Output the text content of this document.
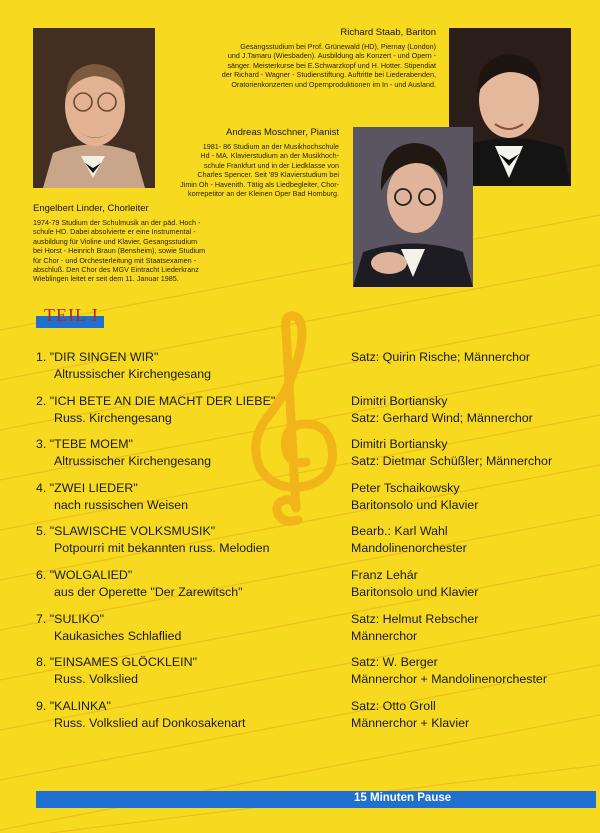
Richard Staab, Bariton
Gesangsstudium bei Prof. Grünewald (HD), Piernay (London)
und J.Tamaru (Wiesbaden). Ausbildung als Konzert - und Opern -
sänger. Meisterkurse bei E.Schwarzkopf und H. Hotter. Stipendiat
der Richard - Wagner - Studienstiftung. Auftritte bei Liederabenden,
Oratorienkonzerten und Opernproduktionen im In - und Ausland.
Andreas Moschner, Pianist
1981- 86 Studium an der Musikhochschule
Hd - MA. Klavierstudium an der Musikhoch-
schule Frankfurt und in der Liedklasse von
Charles Spencer. Seit '89 Klavierstudium bei
Jimin Oh - Havenith. Tätig als Liedbegleiter, Chor-
korrepetitor an der Kleinen Oper Bad Homburg.
Engelbert Linder, Chorleiter
1974-79 Studium der Schulmusik an der päd. Hoch -
schule HD. Dabei absolvierte er eine Instrumental -
ausbildung für Violine und Klavier, Gesangsstudium
bei Horst - Heinrich Braun (Bensheim), sowie Studium
für Chor - und Orchesterleitung mit Staatsexamen -
abschluß. Den Chor des MGV Eintracht Liederkranz
Wieblingen leitet er seit dem 11. Januar 1985.
TEIL I
1. "DIR SINGEN WIR"
Altrussischer Kirchengesang
Satz: Quirin Rische; Männerchor
2. "ICH BETE AN DIE MACHT DER LIEBE"
Russ. Kirchengesang
Dimitri Bortiansky
Satz: Gerhard Wind; Männerchor
3. "TEBE MOEM"
Altrussischer Kirchengesang
Dimitri Bortiansky
Satz: Dietmar Schüßler; Männerchor
4. "ZWEI LIEDER"
nach russischen Weisen
Peter Tschaikowsky
Baritonsolo und Klavier
5. "SLAWISCHE VOLKSMUSIK"
Potpourri mit bekannten russ. Melodien
Bearb.: Karl Wahl
Mandolinenorchester
6. "WOLGALIED"
aus der Operette "Der Zarewitsch"
Franz Lehár
Baritonsolo und Klavier
7. "SULIKO"
Kaukasiches Schlaflied
Satz: Helmut Rebscher
Männerchor
8. "EINSAMES GLÖCKLEIN"
Russ. Volkslied
Satz: W. Berger
Männerchor + Mandolinenorchester
9. "KALINKA"
Russ. Volkslied auf Donkosakenart
Satz: Otto Groll
Männerchor + Klavier
15 Minuten Pause
